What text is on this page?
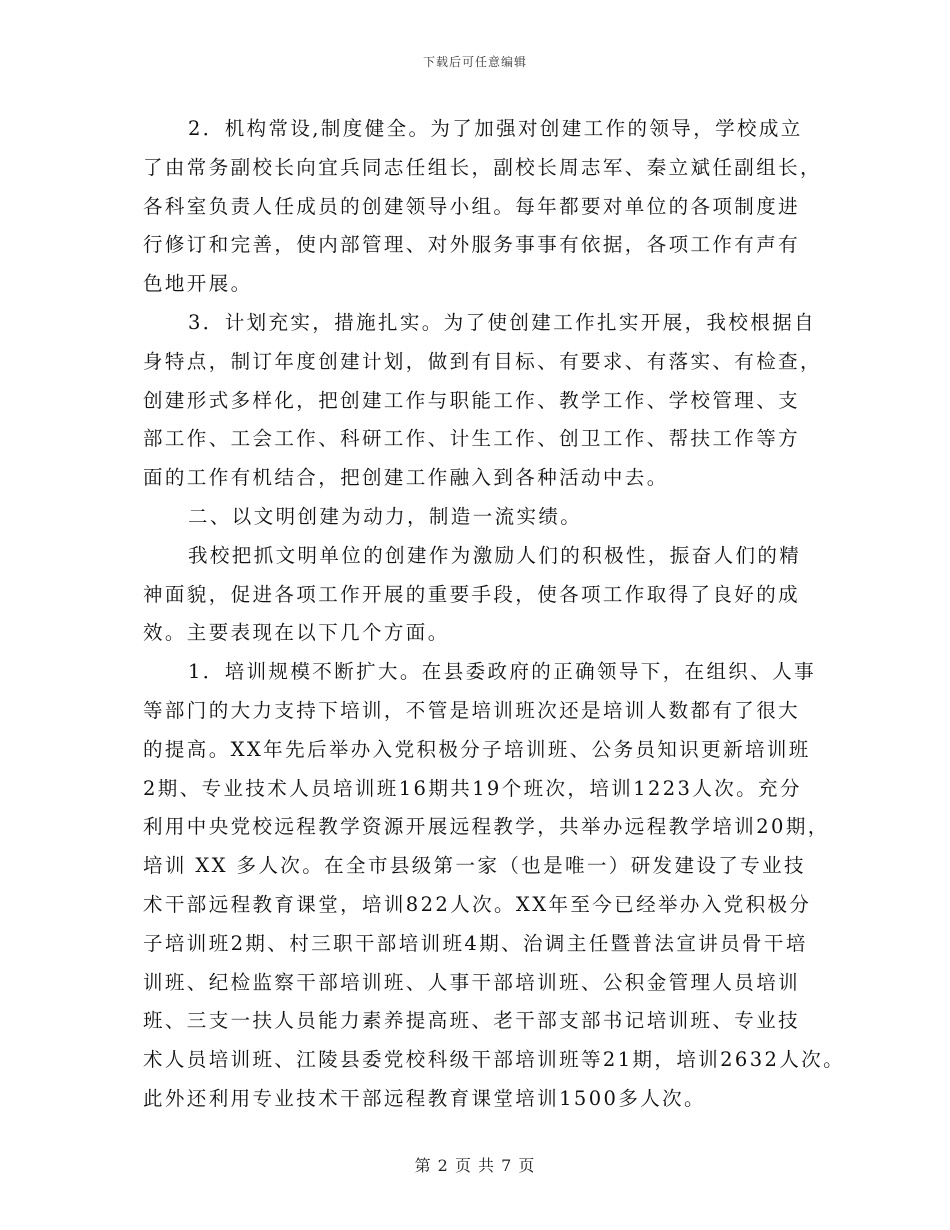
下载后可任意编辑
2．机构常设,制度健全。为了加强对创建工作的领导，学校成立
了由常务副校长向宜兵同志任组长，副校长周志军、秦立斌任副组长，
各科室负责人任成员的创建领导小组。每年都要对单位的各项制度进
行修订和完善，使内部管理、对外服务事事有依据，各项工作有声有
色地开展。
3．计划充实，措施扎实。为了使创建工作扎实开展，我校根据自
身特点，制订年度创建计划，做到有目标、有要求、有落实、有检查，
创建形式多样化，把创建工作与职能工作、教学工作、学校管理、支
部工作、工会工作、科研工作、计生工作、创卫工作、帮扶工作等方
面的工作有机结合，把创建工作融入到各种活动中去。
二、以文明创建为动力，制造一流实绩。
我校把抓文明单位的创建作为激励人们的积极性，振奋人们的精
神面貌，促进各项工作开展的重要手段，使各项工作取得了良好的成
效。主要表现在以下几个方面。
1．培训规模不断扩大。在县委政府的正确领导下，在组织、人事
等部门的大力支持下培训，不管是培训班次还是培训人数都有了很大
的提高。XX年先后举办入党积极分子培训班、公务员知识更新培训班
2期、专业技术人员培训班16期共19个班次，培训1223人次。充分
利用中央党校远程教学资源开展远程教学，共举办远程教学培训20期，
培训 XX 多人次。在全市县级第一家（也是唯一）研发建设了专业技
术干部远程教育课堂，培训822人次。XX年至今已经举办入党积极分
子培训班2期、村三职干部培训班4期、治调主任暨普法宣讲员骨干培
训班、纪检监察干部培训班、人事干部培训班、公积金管理人员培训
班、三支一扶人员能力素养提高班、老干部支部书记培训班、专业技
术人员培训班、江陵县委党校科级干部培训班等21期，培训2632人次。
此外还利用专业技术干部远程教育课堂培训1500多人次。
第 2 页 共 7 页
